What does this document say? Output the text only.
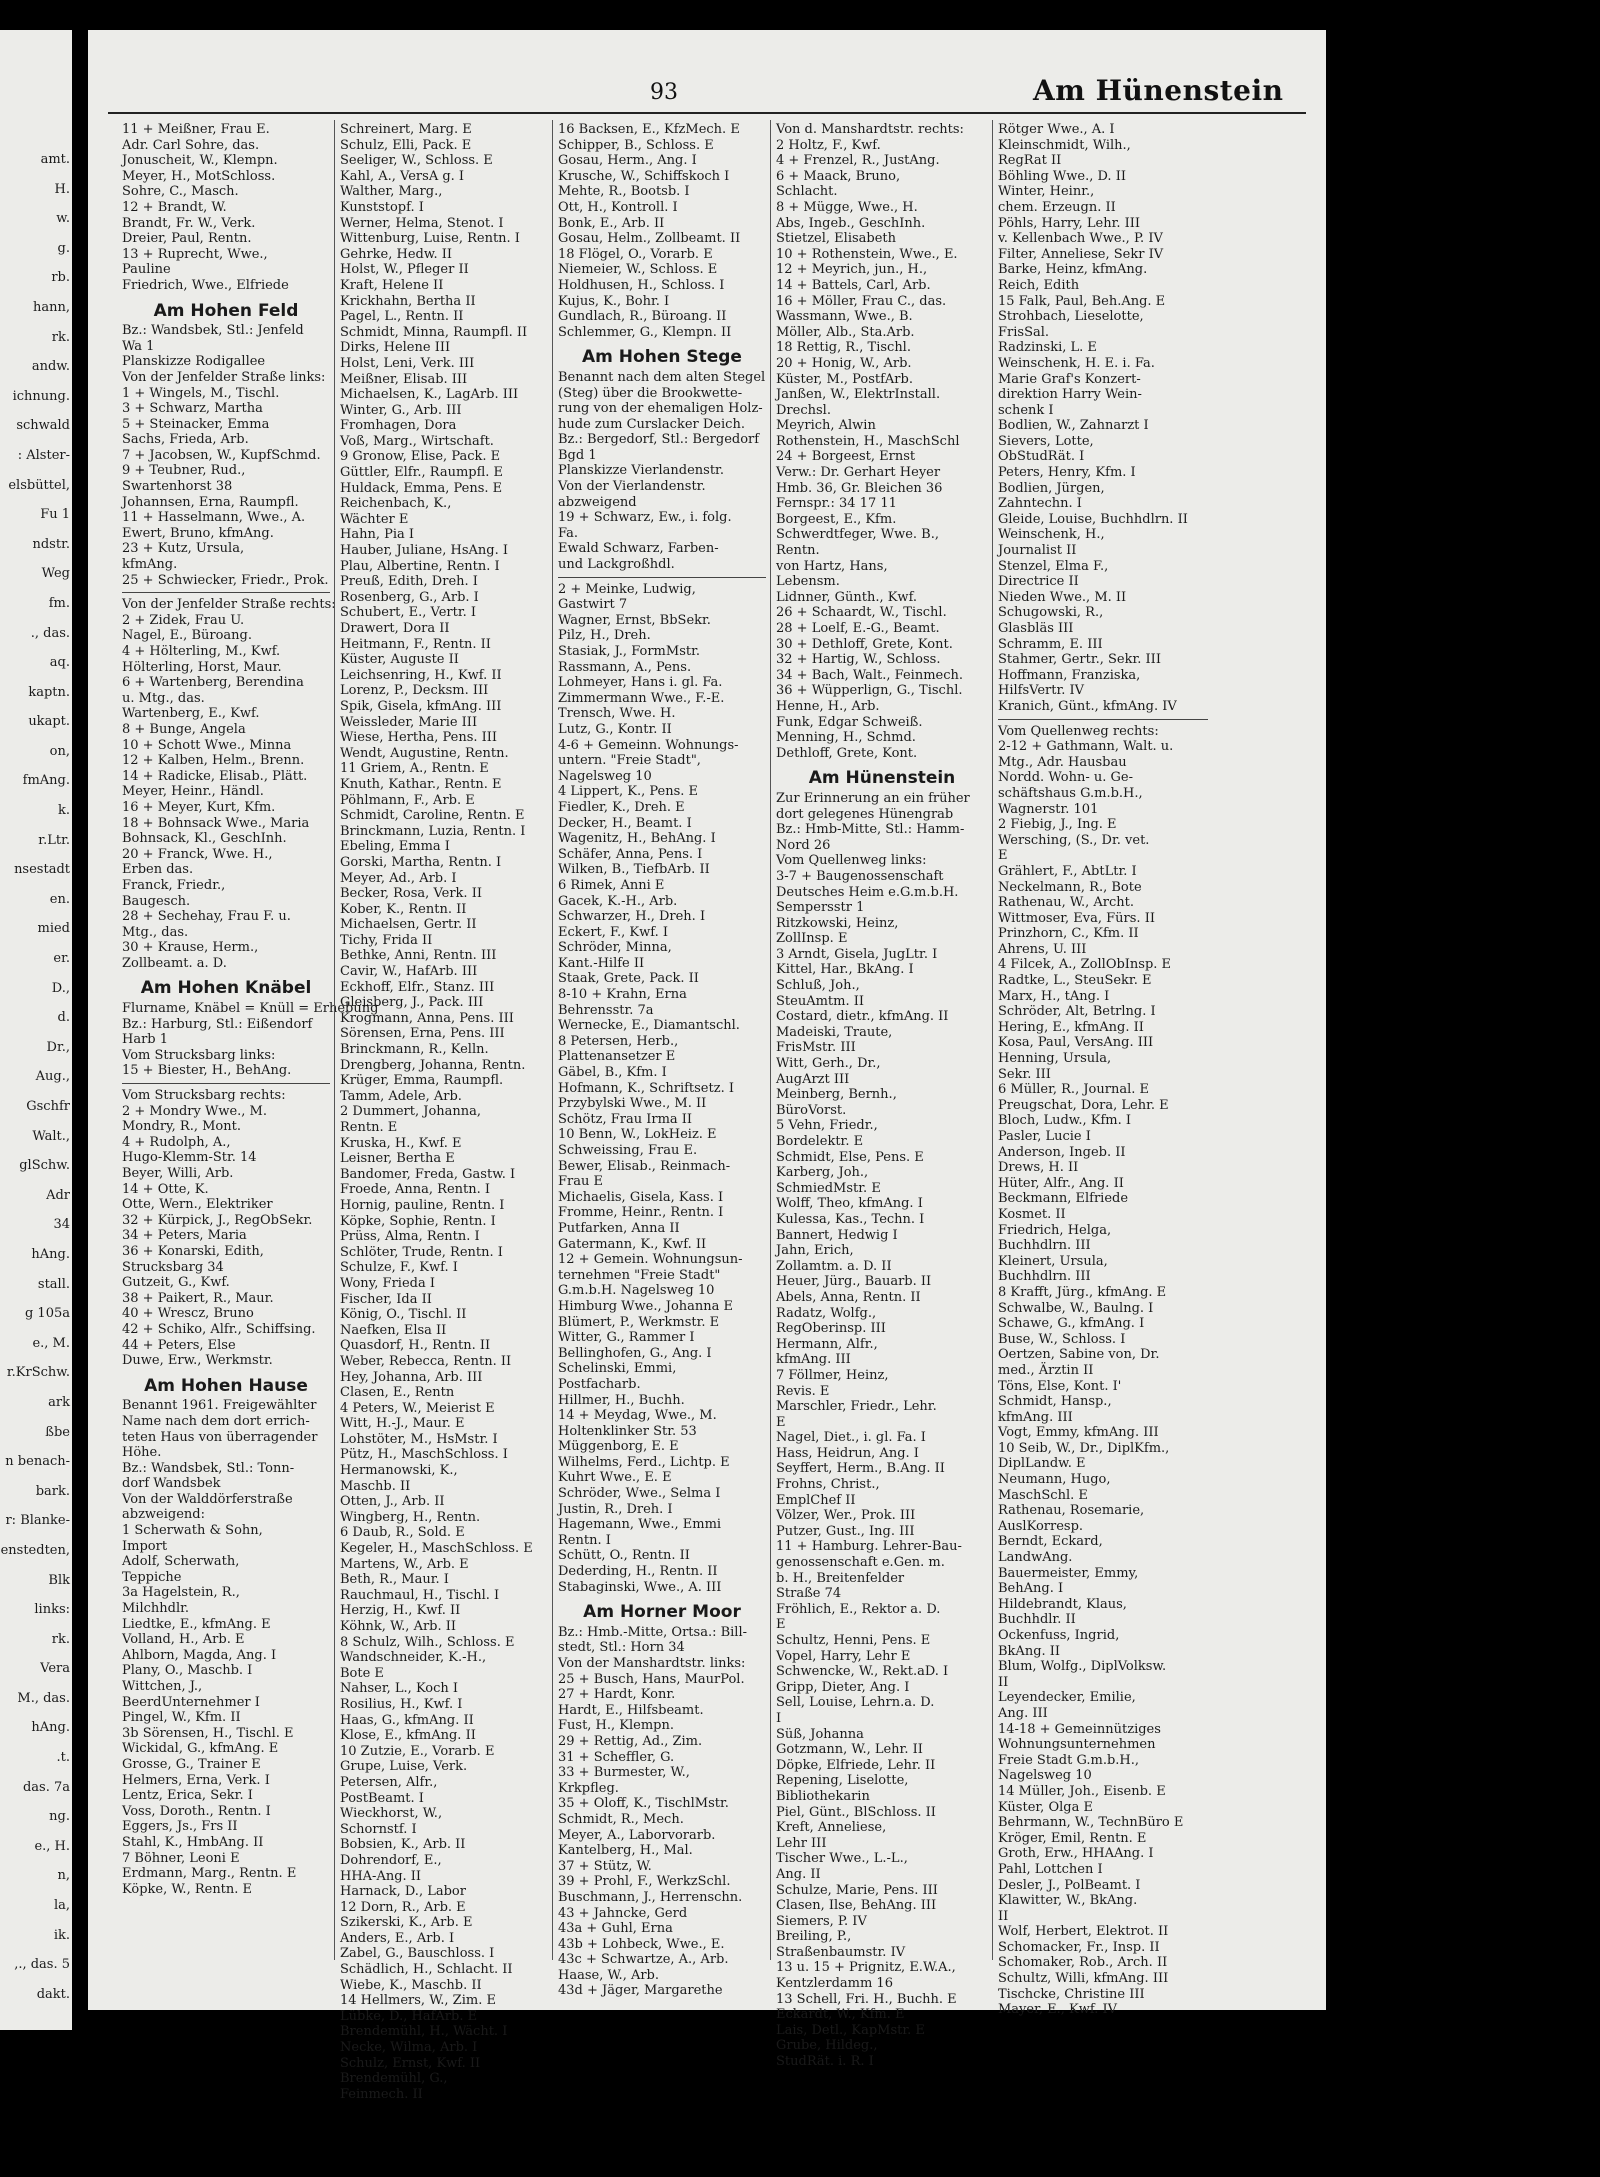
amt.
H.
w.
g.
rb.
hann,
rk.
andw.
ichnung.
schwald
: Alster-
elsbüttel,
Fu 1
ndstr.
Weg
fm.
., das.
aq.
kaptn.
ukapt.
on,
fmAng.
k.
r.Ltr.
nsestadt
en.
mied
er.
D.,
d.
Dr.,
Aug.,
Gschfr
Walt.,
glSchw.
Adr
34
hAng.
stall.
g 105a
e., M.
r.KrSchw.
ark
ßbe
n benach-
bark.
r: Blanke-
enstedten,
Blk
links:
rk.
Vera
M., das.
hAng.
.t.
das. 7a
ng.
e., H.
n,
la,
ik.
,., das. 5
dakt.
93	Am Hünenstein
11 + Meißner, Frau E.
Adr. Carl Sohre, das.
Jonuscheit, W., Klempn.
Meyer, H., MotSchloss.
Sohre, C., Masch.
12 + Brandt, W.
Brandt, Fr. W., Verk.
Dreier, Paul, Rentn.
13 + Ruprecht, Wwe.,
Pauline
Friedrich, Wwe., Elfriede
Am Hohen Feld
Bz.: Wandsbek, Stl.: Jenfeld
Wa 1
Planskizze Rodigallee
Von der Jenfelder Straße links:
1 + Wingels, M., Tischl.
3 + Schwarz, Martha
5 + Steinacker, Emma
Sachs, Frieda, Arb.
7 + Jacobsen, W., KupfSchmd.
9 + Teubner, Rud.,
Swartenhorst 38
Johannsen, Erna, Raumpfl.
11 + Hasselmann, Wwe., A.
Ewert, Bruno, kfmAng.
23 + Kutz, Ursula,
kfmAng.
25 + Schwiecker, Friedr., Prok.
Von der Jenfelder Straße rechts:
2 + Zidek, Frau U.
Nagel, E., Büroang.
4 + Hölterling, M., Kwf.
Hölterling, Horst, Maur.
6 + Wartenberg, Berendina
u. Mtg., das.
Wartenberg, E., Kwf.
8 + Bunge, Angela
10 + Schott Wwe., Minna
12 + Kalben, Helm., Brenn.
14 + Radicke, Elisab., Plätt.
Meyer, Heinr., Händl.
16 + Meyer, Kurt, Kfm.
18 + Bohnsack Wwe., Maria
Bohnsack, Kl., GeschInh.
20 + Franck, Wwe. H.,
Erben das.
Franck, Friedr.,
Baugesch.
28 + Sechehay, Frau F. u.
Mtg., das.
30 + Krause, Herm.,
Zollbeamt. a. D.
Am Hohen Knäbel
Flurname, Knäbel = Knüll = Erhebung
Bz.: Harburg, Stl.: Eißendorf
Harb 1
Vom Strucksbarg links:
15 + Biester, H., BehAng.
Vom Strucksbarg rechts:
2 + Mondry Wwe., M.
Mondry, R., Mont.
4 + Rudolph, A.,
Hugo-Klemm-Str. 14
Beyer, Willi, Arb.
14 + Otte, K.
Otte, Wern., Elektriker
32 + Kürpick, J., RegObSekr.
34 + Peters, Maria
36 + Konarski, Edith,
Strucksbarg 34
Gutzeit, G., Kwf.
38 + Paikert, R., Maur.
40 + Wrescz, Bruno
42 + Schiko, Alfr., Schiffsing.
44 + Peters, Else
Duwe, Erw., Werkmstr.
Am Hohen Hause
Benannt 1961. Freigewählter
Name nach dem dort errich-
teten Haus von überragender
Höhe.
Bz.: Wandsbek, Stl.: Tonn-
dorf Wandsbek
Von der Walddörferstraße
abzweigend:
1 Scherwath & Sohn,
Import
Adolf, Scherwath,
Teppiche
3a Hagelstein, R.,
Milchhdlr.
Liedtke, E., kfmAng. E
Volland, H., Arb. E
Ahlborn, Magda, Ang. I
Plany, O., Maschb. I
Wittchen, J.,
BeerdUnternehmer I
Pingel, W., Kfm. II
3b Sörensen, H., Tischl. E
Wickidal, G., kfmAng. E
Grosse, G., Trainer E
Helmers, Erna, Verk. I
Lentz, Erica, Sekr. I
Voss, Doroth., Rentn. I
Eggers, Js., Frs II
Stahl, K., HmbAng. II
7 Böhner, Leoni E
Erdmann, Marg., Rentn. E
Köpke, W., Rentn. E
Schreinert, Marg. E
Schulz, Elli, Pack. E
Seeliger, W., Schloss. E
Kahl, A., VersA g. I
Walther, Marg.,
Kunststopf. I
Werner, Helma, Stenot. I
Wittenburg, Luise, Rentn. I
Gehrke, Hedw. II
Holst, W., Pfleger II
Kraft, Helene II
Krickhahn, Bertha II
Pagel, L., Rentn. II
Schmidt, Minna, Raumpfl. II
Dirks, Helene III
Holst, Leni, Verk. III
Meißner, Elisab. III
Michaelsen, K., LagArb. III
Winter, G., Arb. III
Fromhagen, Dora
Voß, Marg., Wirtschaft.
9 Gronow, Elise, Pack. E
Güttler, Elfr., Raumpfl. E
Huldack, Emma, Pens. E
Reichenbach, K.,
Wächter E
Hahn, Pia I
Hauber, Juliane, HsAng. I
Plau, Albertine, Rentn. I
Preuß, Edith, Dreh. I
Rosenberg, G., Arb. I
Schubert, E., Vertr. I
Drawert, Dora II
Heitmann, F., Rentn. II
Küster, Auguste II
Leichsenring, H., Kwf. II
Lorenz, P., Decksm. III
Spik, Gisela, kfmAng. III
Weissleder, Marie III
Wiese, Hertha, Pens. III
Wendt, Augustine, Rentn.
11 Griem, A., Rentn. E
Knuth, Kathar., Rentn. E
Pöhlmann, F., Arb. E
Schmidt, Caroline, Rentn. E
Brinckmann, Luzia, Rentn. I
Ebeling, Emma I
Gorski, Martha, Rentn. I
Meyer, Ad., Arb. I
Becker, Rosa, Verk. II
Kober, K., Rentn. II
Michaelsen, Gertr. II
Tichy, Frida II
Bethke, Anni, Rentn. III
Cavir, W., HafArb. III
Eckhoff, Elfr., Stanz. III
Gleisberg, J., Pack. III
Krogmann, Anna, Pens. III
Sörensen, Erna, Pens. III
Brinckmann, R., Kelln.
Drengberg, Johanna, Rentn.
Krüger, Emma, Raumpfl.
Tamm, Adele, Arb.
2 Dummert, Johanna,
Rentn. E
Kruska, H., Kwf. E
Leisner, Bertha E
Bandomer, Freda, Gastw. I
Froede, Anna, Rentn. I
Hornig, pauline, Rentn. I
Köpke, Sophie, Rentn. I
Prüss, Alma, Rentn. I
Schlöter, Trude, Rentn. I
Schulze, F., Kwf. I
Wony, Frieda I
Fischer, Ida II
König, O., Tischl. II
Naefken, Elsa II
Quasdorf, H., Rentn. II
Weber, Rebecca, Rentn. II
Hey, Johanna, Arb. III
Clasen, E., Rentn
4 Peters, W., Meierist E
Witt, H.-J., Maur. E
Lohstöter, M., HsMstr. I
Pütz, H., MaschSchloss. I
Hermanowski, K.,
Maschb. II
Otten, J., Arb. II
Wingberg, H., Rentn.
6 Daub, R., Sold. E
Kegeler, H., MaschSchloss. E
Martens, W., Arb. E
Beth, R., Maur. I
Rauchmaul, H., Tischl. I
Herzig, H., Kwf. II
Köhnk, W., Arb. II
8 Schulz, Wilh., Schloss. E
Wandschneider, K.-H.,
Bote E
Nahser, L., Koch I
Rosilius, H., Kwf. I
Haas, G., kfmAng. II
Klose, E., kfmAng. II
10 Zutzie, E., Vorarb. E
Grupe, Luise, Verk.
Petersen, Alfr.,
PostBeamt. I
Wieckhorst, W.,
Schornstf. I
Bobsien, K., Arb. II
Dohrendorf, E.,
HHA-Ang. II
Harnack, D., Labor
12 Dorn, R., Arb. E
Szikerski, K., Arb. E
Anders, E., Arb. I
Zabel, G., Bauschloss. I
Schädlich, H., Schlacht. II
Wiebe, K., Maschb. II
14 Hellmers, W., Zim. E
Lübke, D., HafArb. E
Brendemühl, H., Wächt. I
Necke, Wilma, Arb. I
Schulz, Ernst, Kwf. II
Brendemühl, G.,
Feinmech. II
16 Backsen, E., KfzMech. E
Schipper, B., Schloss. E
Gosau, Herm., Ang. I
Krusche, W., Schiffskoch I
Mehte, R., Bootsb. I
Ott, H., Kontroll. I
Bonk, E., Arb. II
Gosau, Helm., Zollbeamt. II
18 Flögel, O., Vorarb. E
Niemeier, W., Schloss. E
Holdhusen, H., Schloss. I
Kujus, K., Bohr. I
Gundlach, R., Büroang. II
Schlemmer, G., Klempn. II
Am Hohen Stege
Benannt nach dem alten Stegel
(Steg) über die Brookwette-
rung von der ehemaligen Holz-
hude zum Curslacker Deich.
Bz.: Bergedorf, Stl.: Bergedorf
Bgd 1
Planskizze Vierlandenstr.
Von der Vierlandenstr.
abzweigend
19 + Schwarz, Ew., i. folg.
Fa.
Ewald Schwarz, Farben-
und Lackgroßhdl.
2 + Meinke, Ludwig,
Gastwirt 7
Wagner, Ernst, BbSekr.
Pilz, H., Dreh.
Stasiak, J., FormMstr.
Rassmann, A., Pens.
Lohmeyer, Hans i. gl. Fa.
Zimmermann Wwe., F.-E.
Trensch, Wwe. H.
Lutz, G., Kontr. II
4-6 + Gemeinn. Wohnungs-
untern. "Freie Stadt",
Nagelsweg 10
4 Lippert, K., Pens. E
Fiedler, K., Dreh. E
Decker, H., Beamt. I
Wagenitz, H., BehAng. I
Schäfer, Anna, Pens. I
Wilken, B., TiefbArb. II
6 Rimek, Anni E
Gacek, K.-H., Arb.
Schwarzer, H., Dreh. I
Eckert, F., Kwf. I
Schröder, Minna,
Kant.-Hilfe II
Staak, Grete, Pack. II
8-10 + Krahn, Erna
Behrensstr. 7a
Wernecke, E., Diamantschl.
8 Petersen, Herb.,
Plattenansetzer E
Gäbel, B., Kfm. I
Hofmann, K., Schriftsetz. I
Przybylski Wwe., M. II
Schötz, Frau Irma II
10 Benn, W., LokHeiz. E
Schweissing, Frau E.
Bewer, Elisab., Reinmach-
Frau E
Michaelis, Gisela, Kass. I
Fromme, Heinr., Rentn. I
Putfarken, Anna II
Gatermann, K., Kwf. II
12 + Gemein. Wohnungsun-
ternehmen "Freie Stadt"
G.m.b.H. Nagelsweg 10
Himburg Wwe., Johanna E
Blümert, P., Werkmstr. E
Witter, G., Rammer I
Bellinghofen, G., Ang. I
Schelinski, Emmi,
Postfacharb.
Hillmer, H., Buchh.
14 + Meydag, Wwe., M.
Holtenklinker Str. 53
Müggenborg, E. E
Wilhelms, Ferd., Lichtp. E
Kuhrt Wwe., E. E
Schröder, Wwe., Selma I
Justin, R., Dreh. I
Hagemann, Wwe., Emmi
Rentn. I
Schütt, O., Rentn. II
Dederding, H., Rentn. II
Stabaginski, Wwe., A. III
Am Horner Moor
Bz.: Hmb.-Mitte, Ortsa.: Bill-
stedt, Stl.: Horn 34
Von der Manshardtstr. links:
25 + Busch, Hans, MaurPol.
27 + Hardt, Konr.
Hardt, E., Hilfsbeamt.
Fust, H., Klempn.
29 + Rettig, Ad., Zim.
31 + Scheffler, G.
33 + Burmester, W.,
Krkpfleg.
35 + Oloff, K., TischlMstr.
Schmidt, R., Mech.
Meyer, A., Laborvorarb.
Kantelberg, H., Mal.
37 + Stütz, W.
39 + Prohl, F., WerkzSchl.
Buschmann, J., Herrenschn.
43 + Jahncke, Gerd
43a + Guhl, Erna
43b + Lohbeck, Wwe., E.
43c + Schwartze, A., Arb.
Haase, W., Arb.
43d + Jäger, Margarethe
Von d. Manshardtstr. rechts:
2 Holtz, F., Kwf.
4 + Frenzel, R., JustAng.
6 + Maack, Bruno,
Schlacht.
8 + Mügge, Wwe., H.
Abs, Ingeb., GeschInh.
Stietzel, Elisabeth
10 + Rothenstein, Wwe., E.
12 + Meyrich, jun., H.,
14 + Battels, Carl, Arb.
16 + Möller, Frau C., das.
Wassmann, Wwe., B.
Möller, Alb., Sta.Arb.
18 Rettig, R., Tischl.
20 + Honig, W., Arb.
Küster, M., PostfArb.
Janßen, W., ElektrInstall.
Drechsl.
Meyrich, Alwin
Rothenstein, H., MaschSchl
24 + Borgeest, Ernst
Verw.: Dr. Gerhart Heyer
Hmb. 36, Gr. Bleichen 36
Fernspr.: 34 17 11
Borgeest, E., Kfm.
Schwerdtfeger, Wwe. B.,
Rentn.
von Hartz, Hans,
Lebensm.
Lidnner, Günth., Kwf.
26 + Schaardt, W., Tischl.
28 + Loelf, E.-G., Beamt.
30 + Dethloff, Grete, Kont.
32 + Hartig, W., Schloss.
34 + Bach, Walt., Feinmech.
36 + Wüpperlign, G., Tischl.
Henne, H., Arb.
Funk, Edgar Schweiß.
Menning, H., Schmd.
Dethloff, Grete, Kont.
Am Hünenstein
Zur Erinnerung an ein früher
dort gelegenes Hünengrab
Bz.: Hmb-Mitte, Stl.: Hamm-
Nord 26
Vom Quellenweg links:
3-7 + Baugenossenschaft
Deutsches Heim e.G.m.b.H.
Sempersstr 1
Ritzkowski, Heinz,
ZollInsp. E
3 Arndt, Gisela, JugLtr. I
Kittel, Har., BkAng. I
Schluß, Joh.,
SteuAmtm. II
Costard, dietr., kfmAng. II
Madeiski, Traute,
FrisMstr. III
Witt, Gerh., Dr.,
AugArzt III
Meinberg, Bernh.,
BüroVorst.
5 Vehn, Friedr.,
Bordelektr. E
Schmidt, Else, Pens. E
Karberg, Joh.,
SchmiedMstr. E
Wolff, Theo, kfmAng. I
Kulessa, Kas., Techn. I
Bannert, Hedwig I
Jahn, Erich,
Zollamtm. a. D. II
Heuer, Jürg., Bauarb. II
Abels, Anna, Rentn. II
Radatz, Wolfg.,
RegOberinsp. III
Hermann, Alfr.,
kfmAng. III
7 Föllmer, Heinz,
Revis. E
Marschler, Friedr., Lehr.
E
Nagel, Diet., i. gl. Fa. I
Hass, Heidrun, Ang. I
Seyffert, Herm., B.Ang. II
Frohns, Christ.,
EmplChef II
Völzer, Wer., Prok. III
Putzer, Gust., Ing. III
11 + Hamburg. Lehrer-Bau-
genossenschaft e.Gen. m.
b. H., Breitenfelder
Straße 74
Fröhlich, E., Rektor a. D.
E
Schultz, Henni, Pens. E
Vopel, Harry, Lehr E
Schwencke, W., Rekt.aD. I
Gripp, Dieter, Ang. I
Sell, Louise, Lehrn.a. D.
I
Süß, Johanna
Gotzmann, W., Lehr. II
Döpke, Elfriede, Lehr. II
Repening, Liselotte,
Bibliothekarin
Piel, Günt., BlSchloss. II
Kreft, Anneliese,
Lehr III
Tischer Wwe., L.-L.,
Ang. II
Schulze, Marie, Pens. III
Clasen, Ilse, BehAng. III
Siemers, P. IV
Breiling, P.,
Straßenbaumstr. IV
13 u. 15 + Prignitz, E.W.A.,
Kentzlerdamm 16
13 Schell, Fri. H., Buchh. E
Eckardt, W., Kfm. E
Lais, Detl., KapMstr. E
Grube, Hildeg.,
StudRät. i. R. I
Rötger Wwe., A. I
Kleinschmidt, Wilh.,
RegRat II
Böhling Wwe., D. II
Winter, Heinr.,
chem. Erzeugn. II
Pöhls, Harry, Lehr. III
v. Kellenbach Wwe., P. IV
Filter, Anneliese, Sekr IV
Barke, Heinz, kfmAng.
Reich, Edith
15 Falk, Paul, Beh.Ang. E
Strohbach, Lieselotte,
FrisSal.
Radzinski, L. E
Weinschenk, H. E. i. Fa.
Marie Graf's Konzert-
direktion Harry Wein-
schenk I
Bodlien, W., Zahnarzt I
Sievers, Lotte,
ObStudRät. I
Peters, Henry, Kfm. I
Bodlien, Jürgen,
Zahntechn. I
Gleide, Louise, Buchhdlrn. II
Weinschenk, H.,
Journalist II
Stenzel, Elma F.,
Directrice II
Nieden Wwe., M. II
Schugowski, R.,
Glasbläs III
Schramm, E. III
Stahmer, Gertr., Sekr. III
Hoffmann, Franziska,
HilfsVertr. IV
Kranich, Günt., kfmAng. IV
Vom Quellenweg rechts:
2-12 + Gathmann, Walt. u.
Mtg., Adr. Hausbau
Nordd. Wohn- u. Ge-
schäftshaus G.m.b.H.,
Wagnerstr. 101
2 Fiebig, J., Ing. E
Wersching, (S., Dr. vet.
E
Grählert, F., AbtLtr. I
Neckelmann, R., Bote
Rathenau, W., Archt.
Wittmoser, Eva, Fürs. II
Prinzhorn, C., Kfm. II
Ahrens, U. III
4 Filcek, A., ZollObInsp. E
Radtke, L., SteuSekr. E
Marx, H., tAng. I
Schröder, Alt, Betrlng. I
Hering, E., kfmAng. II
Kosa, Paul, VersAng. III
Henning, Ursula,
Sekr. III
6 Müller, R., Journal. E
Preugschat, Dora, Lehr. E
Bloch, Ludw., Kfm. I
Pasler, Lucie I
Anderson, Ingeb. II
Drews, H. II
Hüter, Alfr., Ang. II
Beckmann, Elfriede
Kosmet. II
Friedrich, Helga,
Buchhdlrn. III
Kleinert, Ursula,
Buchhdlrn. III
8 Krafft, Jürg., kfmAng. E
Schwalbe, W., Baulng. I
Schawe, G., kfmAng. I
Buse, W., Schloss. I
Oertzen, Sabine von, Dr.
med., Ärztin II
Töns, Else, Kont. I'
Schmidt, Hansp.,
kfmAng. III
Vogt, Emmy, kfmAng. III
10 Seib, W., Dr., DiplKfm.,
DiplLandw. E
Neumann, Hugo,
MaschSchl. E
Rathenau, Rosemarie,
AuslKorresp.
Berndt, Eckard,
LandwAng.
Bauermeister, Emmy,
BehAng. I
Hildebrandt, Klaus,
Buchhdlr. II
Ockenfuss, Ingrid,
BkAng. II
Blum, Wolfg., DiplVolksw.
II
Leyendecker, Emilie,
Ang. III
14-18 + Gemeinnütziges
Wohnungsunternehmen
Freie Stadt G.m.b.H.,
Nagelsweg 10
14 Müller, Joh., Eisenb. E
Küster, Olga E
Behrmann, W., TechnBüro E
Kröger, Emil, Rentn. E
Groth, Erw., HHAAng. I
Pahl, Lottchen I
Desler, J., PolBeamt. I
Klawitter, W., BkAng.
II
Wolf, Herbert, Elektrot. II
Schomacker, Fr., Insp. II
Schomaker, Rob., Arch. II
Schultz, Willi, kfmAng. III
Tischcke, Christine III
Mayer, E., Kwf. IV
